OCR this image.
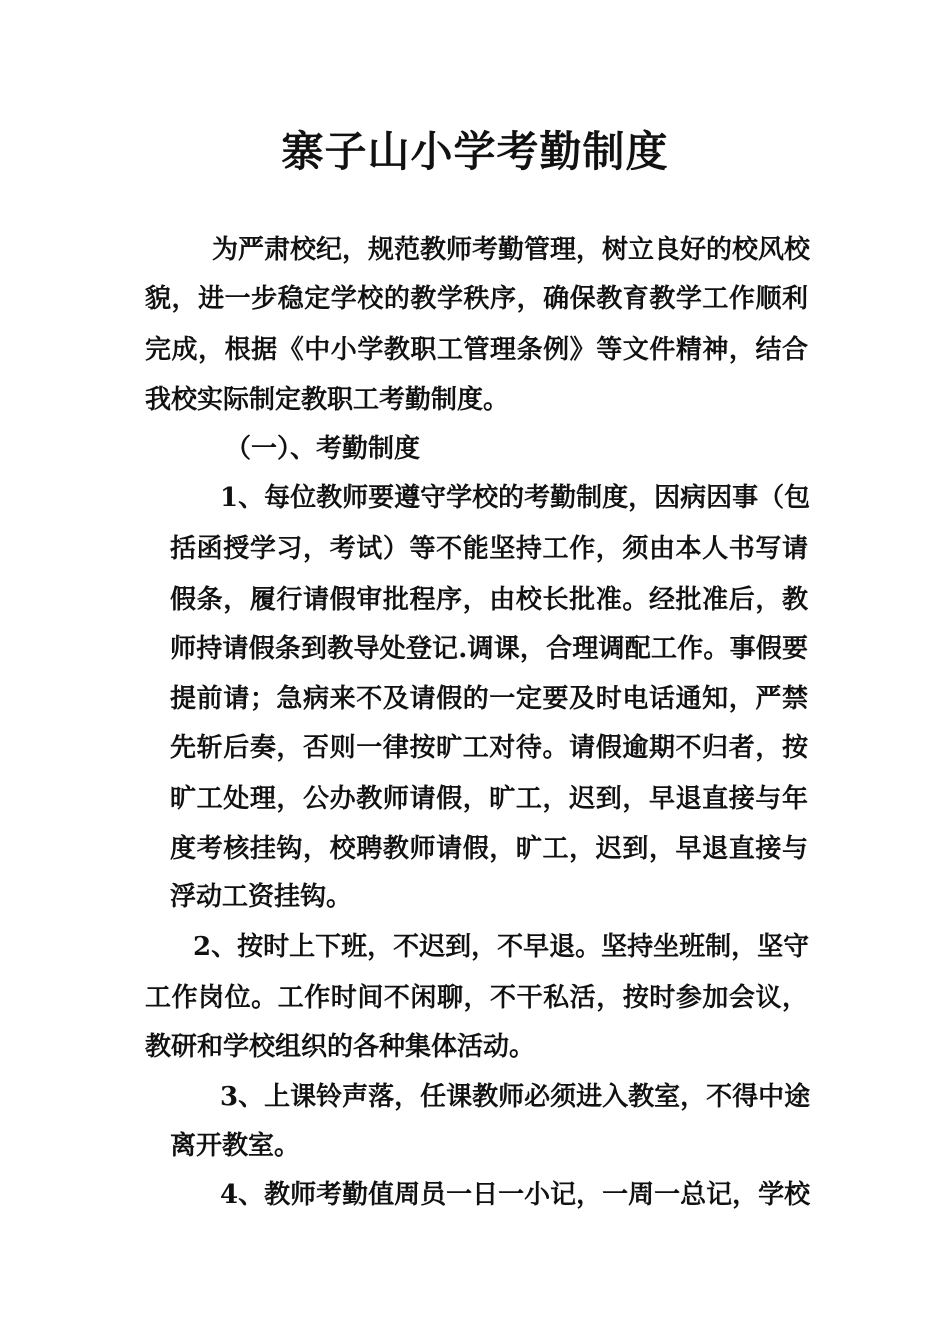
寨子山小学考勤制度
为严肃校纪，规范教师考勤管理，树立良好的校风校
貌，进一步稳定学校的教学秩序，确保教育教学工作顺利
完成，根据《中小学教职工管理条例》等文件精神，结合
我校实际制定教职工考勤制度。
（一）、考勤制度
1、每位教师要遵守学校的考勤制度，因病因事（包
括函授学习，考试）等不能坚持工作，须由本人书写请
假条，履行请假审批程序，由校长批准。经批准后，教
师持请假条到教导处登记.调课，合理调配工作。事假要
提前请；急病来不及请假的一定要及时电话通知，严禁
先斩后奏，否则一律按旷工对待。请假逾期不归者，按
旷工处理，公办教师请假，旷工，迟到，早退直接与年
度考核挂钩，校聘教师请假，旷工，迟到，早退直接与
浮动工资挂钩。
2、按时上下班，不迟到，不早退。坚持坐班制，坚守
工作岗位。工作时间不闲聊，不干私活，按时参加会议，
教研和学校组织的各种集体活动。
3、上课铃声落，任课教师必须进入教室，不得中途
离开教室。
4、教师考勤值周员一日一小记，一周一总记，学校
